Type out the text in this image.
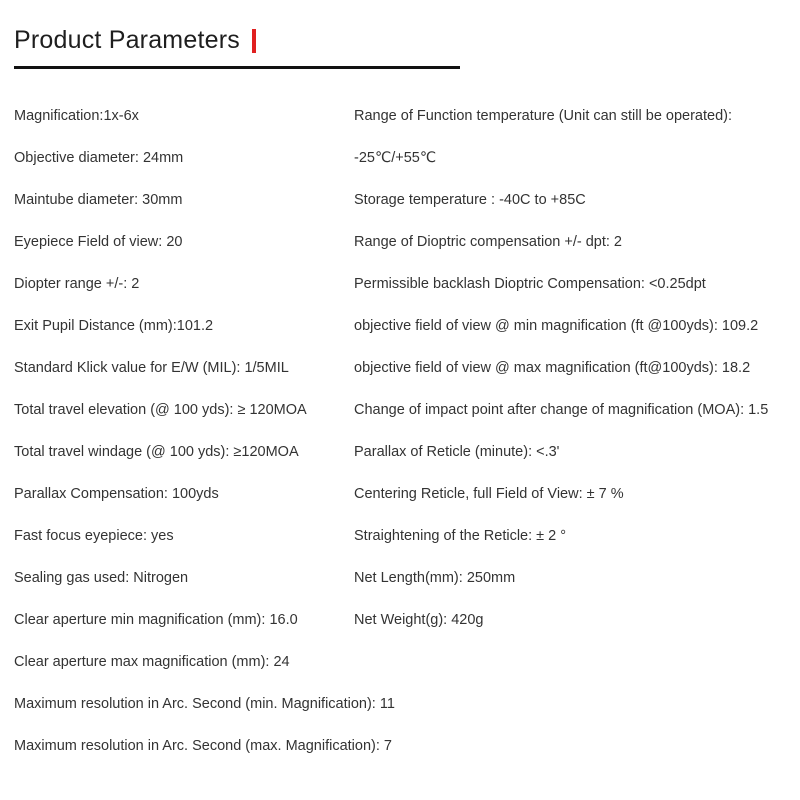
Product Parameters
Magnification:1x-6x
Objective diameter: 24mm
Maintube diameter: 30mm
Eyepiece Field of view: 20
Diopter range +/-: 2
Exit Pupil Distance (mm):101.2
Standard Klick value for E/W (MIL): 1/5MIL
Total travel elevation (@ 100 yds): ≥ 120MOA
Total travel windage (@ 100 yds): ≥120MOA
Parallax Compensation: 100yds
Fast focus eyepiece: yes
Sealing gas used: Nitrogen
Clear aperture min magnification (mm): 16.0
Clear aperture max magnification (mm): 24
Maximum resolution in Arc. Second (min. Magnification): 11
Maximum resolution in Arc. Second (max. Magnification): 7
Range of Function temperature (Unit can still be operated):
-25℃/+55℃
Storage temperature : -40C to +85C
Range of Dioptric compensation +/- dpt: 2
Permissible backlash Dioptric Compensation: <0.25dpt
objective field of view @ min magnification (ft @100yds): 109.2
objective field of view @ max magnification (ft@100yds): 18.2
Change of impact point after change of magnification (MOA): 1.5
Parallax of Reticle (minute): <.3'
Centering Reticle, full Field of View: ± 7 %
Straightening of the Reticle: ± 2 °
Net Length(mm): 250mm
Net Weight(g): 420g
